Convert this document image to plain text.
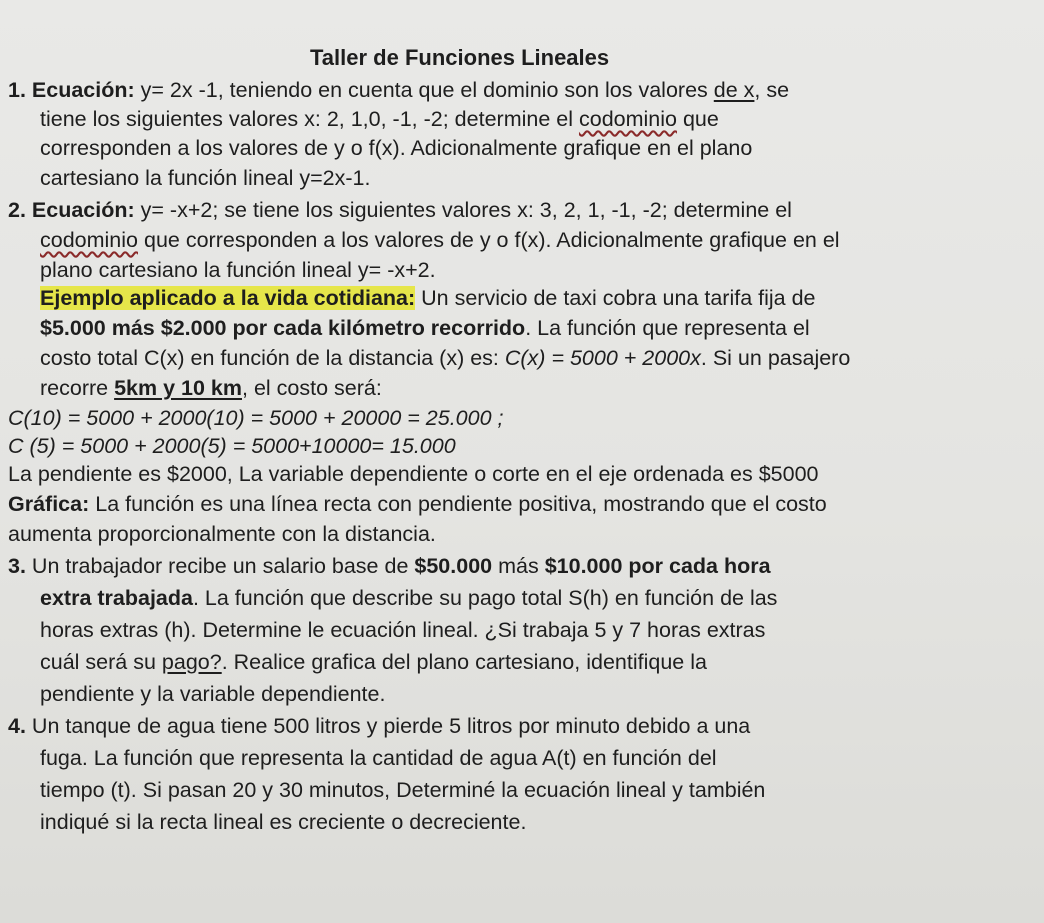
Taller de Funciones Lineales
1. Ecuación: y= 2x -1, teniendo en cuenta que el dominio son los valores de x, se
tiene los siguientes valores x: 2, 1,0, -1, -2; determine el codominio que
corresponden a los valores de y o f(x). Adicionalmente grafique en el plano
cartesiano la función lineal y=2x-1.
2. Ecuación: y= -x+2; se tiene los siguientes valores x: 3, 2, 1, -1, -2; determine el
codominio que corresponden a los valores de y o f(x). Adicionalmente grafique en el
plano cartesiano la función lineal y= -x+2.
Ejemplo aplicado a la vida cotidiana: Un servicio de taxi cobra una tarifa fija de
$5.000 más $2.000 por cada kilómetro recorrido. La función que representa el
costo total C(x) en función de la distancia (x) es: C(x) = 5000 + 2000x. Si un pasajero
recorre 5km y 10 km, el costo será:
C(10) = 5000 + 2000(10) = 5000 + 20000 = 25.000 ;
C (5) = 5000 + 2000(5) = 5000+10000= 15.000
La pendiente es $2000, La variable dependiente o corte en el eje ordenada es $5000
Gráfica: La función es una línea recta con pendiente positiva, mostrando que el costo
aumenta proporcionalmente con la distancia.
3. Un trabajador recibe un salario base de $50.000 más $10.000 por cada hora
extra trabajada. La función que describe su pago total S(h) en función de las
horas extras (h). Determine le ecuación lineal. ¿Si trabaja 5 y 7 horas extras
cuál será su pago?. Realice grafica del plano cartesiano, identifique la
pendiente y la variable dependiente.
4. Un tanque de agua tiene 500 litros y pierde 5 litros por minuto debido a una
fuga. La función que representa la cantidad de agua A(t) en función del
tiempo (t). Si pasan 20 y 30 minutos, Determiné la ecuación lineal y también
indiqué si la recta lineal es creciente o decreciente.
